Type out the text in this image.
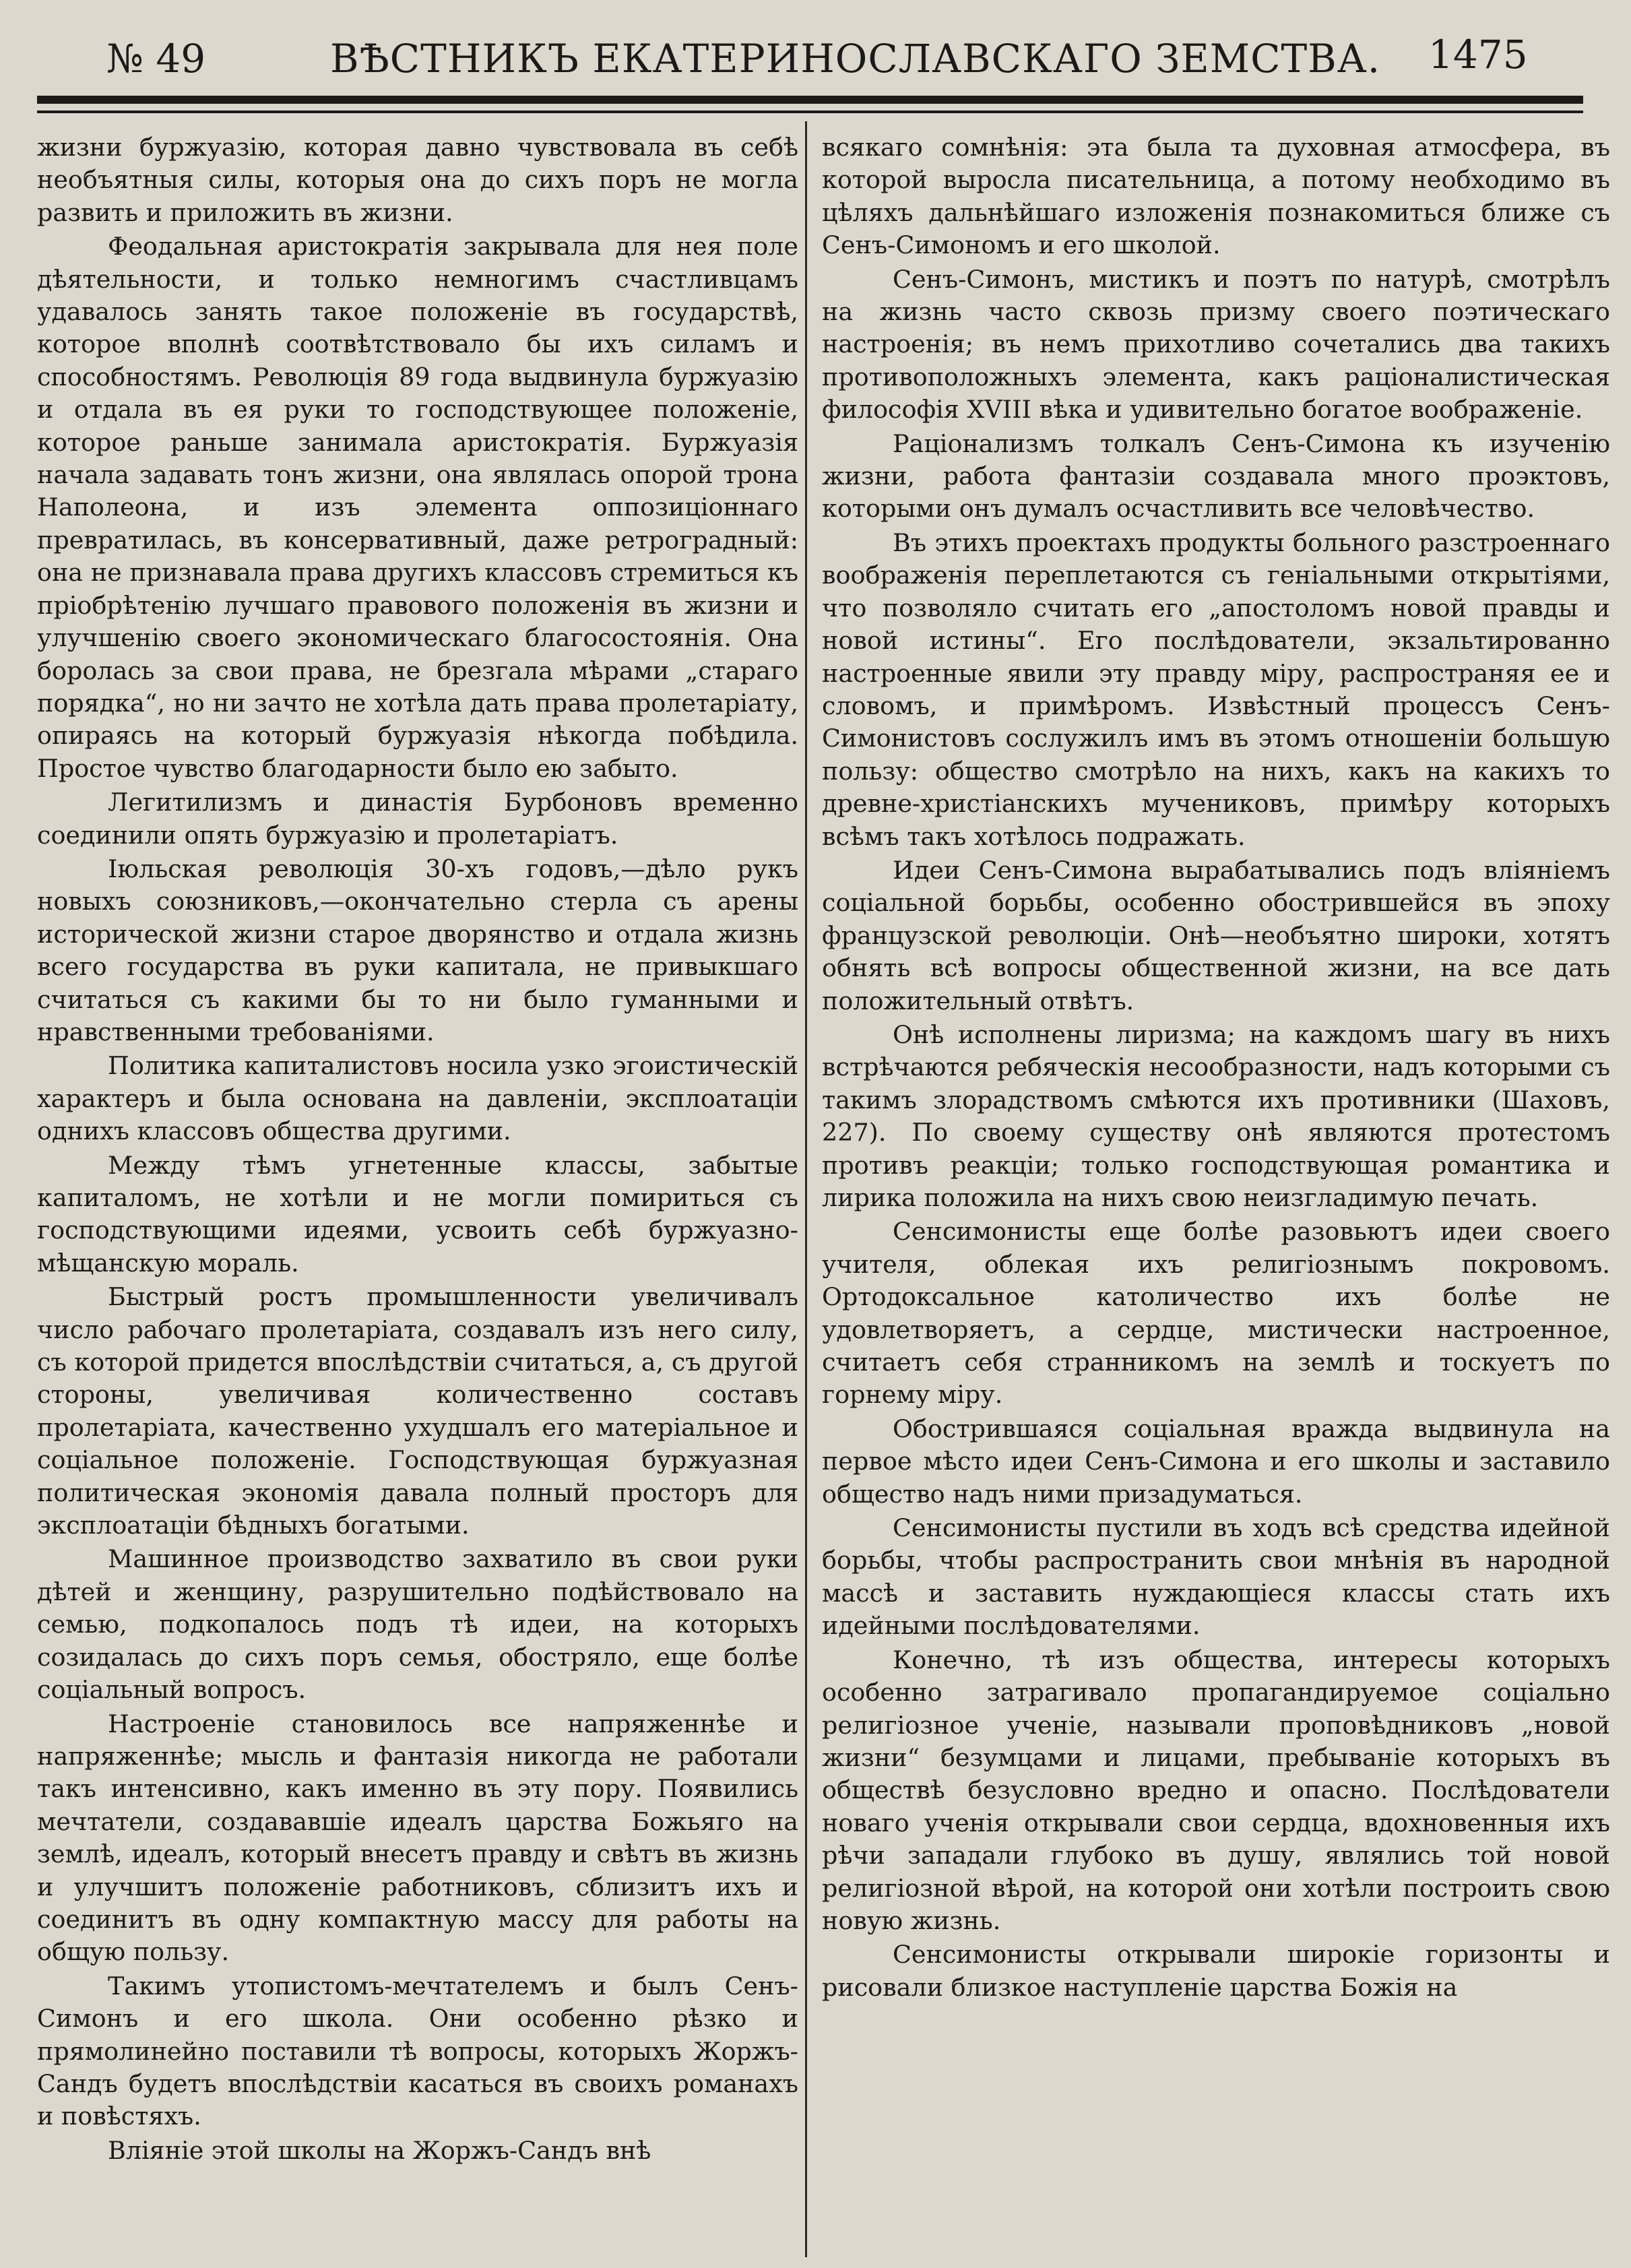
№ 49	ВѢСТНИКЪ ЕКАТЕРИНОСЛАВСКАГО ЗЕМСТВА. 1475

жизни буржуазію, которая давно чувствовала въ себѣ необъятныя силы, которыя она до сихъ поръ не могла развить и приложить въ жизни.

Феодальная аристократія закрывала для нея поле дѣятельности, и только немногимъ счастливцамъ удавалось занять такое положеніе въ государствѣ, которое вполнѣ соотвѣтствовало бы ихъ силамъ и способностямъ. Революція 89 года выдвинула буржуазію и отдала въ ея руки то господствующее положеніе, которое раньше занимала аристократія. Буржуазія начала задавать тонъ жизни, она являлась опорой трона Наполеона, и изъ элемента оппозиціоннаго превратилась, въ консервативный, даже ретроградный: она не признавала права другихъ классовъ стремиться къ пріобрѣтенію лучшаго правового положенія въ жизни и улучшенію своего экономическаго благосостоянія. Она боролась за свои права, не брезгала мѣрами „стараго порядка“, но ни зачто не хотѣла дать права пролетаріату, опираясь на который буржуазія нѣкогда побѣдила. Простое чувство благодарности было ею забыто.

Легитилизмъ и династія Бурбоновъ временно соединили опять буржуазію и пролетаріатъ.

Іюльская революція 30-хъ годовъ,—дѣло рукъ новыхъ союзниковъ,—окончательно стерла съ арены исторической жизни старое дворянство и отдала жизнь всего государства въ руки капитала, не привыкшаго считаться съ какими бы то ни было гуманными и нравственными требованіями.

Политика капиталистовъ носила узко эгоистическій характеръ и была основана на давленіи, эксплоатаціи однихъ классовъ общества другими.

Между тѣмъ угнетенные классы, забытые капиталомъ, не хотѣли и не могли помириться съ господствующими идеями, усвоить себѣ буржуазно-мѣщанскую мораль.

Быстрый ростъ промышленности увеличивалъ число рабочаго пролетаріата, создавалъ изъ него силу, съ которой придется впослѣдствіи считаться, а, съ другой стороны, увеличивая количественно составъ пролетаріата, качественно ухудшалъ его матеріальное и соціальное положеніе. Господствующая буржуазная политическая экономія давала полный просторъ для эксплоатаціи бѣдныхъ богатыми.

Машинное производство захватило въ свои руки дѣтей и женщину, разрушительно подѣйствовало на семью, подкопалось подъ тѣ идеи, на которыхъ созидалась до сихъ поръ семья, обостряло, еще болѣе соціальный вопросъ.

Настроеніе становилось все напряженнѣе и напряженнѣе; мысль и фантазія никогда не работали такъ интенсивно, какъ именно въ эту пору. Появились мечтатели, создававшіе идеалъ царства Божьяго на землѣ, идеалъ, который внесетъ правду и свѣтъ въ жизнь и улучшитъ положеніе работниковъ, сблизитъ ихъ и соединитъ въ одну компактную массу для работы на общую пользу.

Такимъ утопистомъ-мечтателемъ и былъ Сенъ-Симонъ и его школа. Они особенно рѣзко и прямолинейно поставили тѣ вопросы, которыхъ Жоржъ-Сандъ будетъ впослѣдствіи касаться въ своихъ романахъ и повѣстяхъ.

Вліяніе этой школы на Жоржъ-Сандъ внѣ

всякаго сомнѣнія: эта была та духовная атмосфера, въ которой выросла писательница, а потому необходимо въ цѣляхъ дальнѣйшаго изложенія познакомиться ближе съ Сенъ-Симономъ и его школой.

Сенъ-Симонъ, мистикъ и поэтъ по натурѣ, смотрѣлъ на жизнь часто сквозь призму своего поэтическаго настроенія; въ немъ прихотливо сочетались два такихъ противоположныхъ элемента, какъ раціоналистическая философія XVIII вѣка и удивительно богатое воображеніе.

Раціонализмъ толкалъ Сенъ-Симона къ изученію жизни, работа фантазіи создавала много проэктовъ, которыми онъ думалъ осчастливить все человѣчество.

Въ этихъ проектахъ продукты больного разстроеннаго воображенія переплетаются съ геніальными открытіями, что позволяло считать его „апостоломъ новой правды и новой истины“. Его послѣдователи, экзальтированно настроенные явили эту правду міру, распространяя ее и словомъ, и примѣромъ. Извѣстный процессъ Сенъ-Симонистовъ сослужилъ имъ въ этомъ отношеніи большую пользу: общество смотрѣло на нихъ, какъ на какихъ то древне-христіанскихъ мучениковъ, примѣру которыхъ всѣмъ такъ хотѣлось подражать.

Идеи Сенъ-Симона вырабатывались подъ вліяніемъ соціальной борьбы, особенно обострившейся въ эпоху французской революціи. Онѣ—необъятно широки, хотятъ обнять всѣ вопросы общественной жизни, на все дать положительный отвѣтъ.

Онѣ исполнены лиризма; на каждомъ шагу въ нихъ встрѣчаются ребяческія несообразности, надъ которыми съ такимъ злорадствомъ смѣются ихъ противники (Шаховъ, 227). По своему существу онѣ являются протестомъ противъ реакціи; только господствующая романтика и лирика положила на нихъ свою неизгладимую печать.

Сенсимонисты еще болѣе разовьютъ идеи своего учителя, облекая ихъ религіознымъ покровомъ. Ортодоксальное католичество ихъ болѣе не удовлетворяетъ, а сердце, мистически настроенное, считаетъ себя странникомъ на землѣ и тоскуетъ по горнему міру.

Обострившаяся соціальная вражда выдвинула на первое мѣсто идеи Сенъ-Симона и его школы и заставило общество надъ ними призадуматься.

Сенсимонисты пустили въ ходъ всѣ средства идейной борьбы, чтобы распространить свои мнѣнія въ народной массѣ и заставить нуждающіеся классы стать ихъ идейными послѣдователями.

Конечно, тѣ изъ общества, интересы которыхъ особенно затрагивало пропагандируемое соціально религіозное ученіе, называли проповѣдниковъ „новой жизни“ безумцами и лицами, пребываніе которыхъ въ обществѣ безусловно вредно и опасно. Послѣдователи новаго ученія открывали свои сердца, вдохновенныя ихъ рѣчи западали глубоко въ душу, являлись той новой религіозной вѣрой, на которой они хотѣли построить свою новую жизнь.

Сенсимонисты открывали широкіе горизонты и рисовали близкое наступленіе царства Божія на
